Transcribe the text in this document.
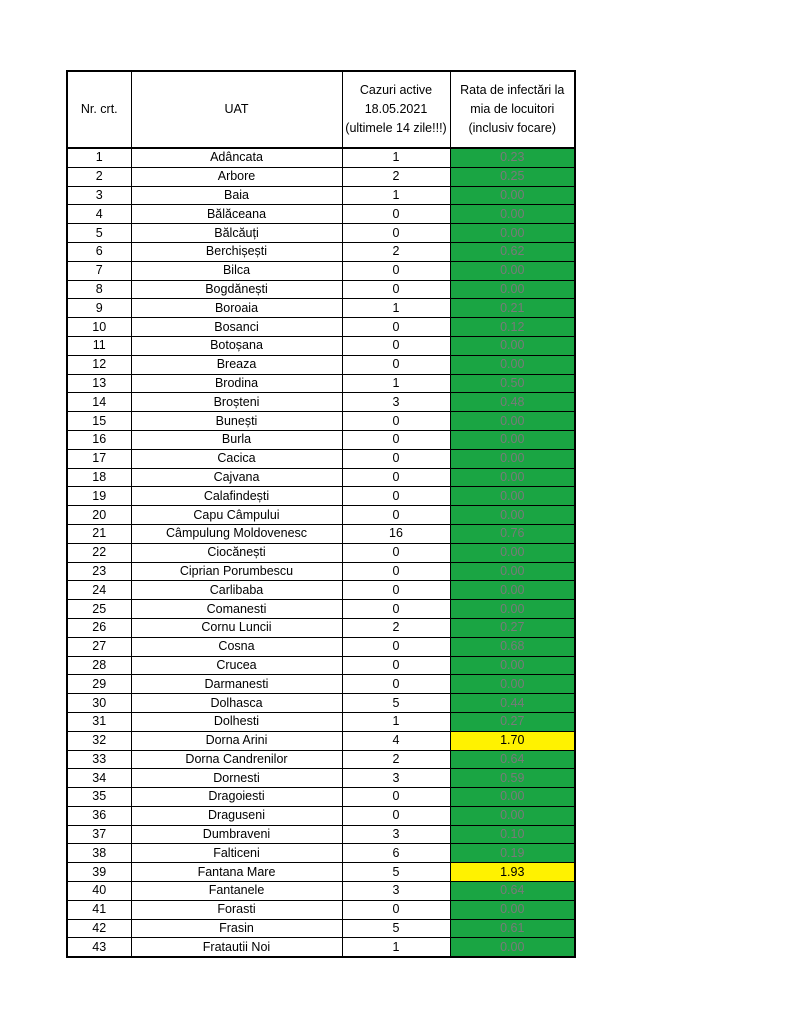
Nr. crt.	UAT	Cazuri active 18.05.2021 (ultimele 14 zile!!!)	Rata de infectări la mia de locuitori (inclusiv focare)
1	Adâncata	1	0.23
2	Arbore	2	0.25
3	Baia	1	0.00
4	Bălăceana	0	0.00
5	Bălcăuți	0	0.00
6	Berchișești	2	0.62
7	Bilca	0	0.00
8	Bogdănești	0	0.00
9	Boroaia	1	0.21
10	Bosanci	0	0.12
11	Botoșana	0	0.00
12	Breaza	0	0.00
13	Brodina	1	0.50
14	Broșteni	3	0.48
15	Bunești	0	0.00
16	Burla	0	0.00
17	Cacica	0	0.00
18	Cajvana	0	0.00
19	Calafindești	0	0.00
20	Capu Câmpului	0	0.00
21	Câmpulung Moldovenesc	16	0.76
22	Ciocănești	0	0.00
23	Ciprian Porumbescu	0	0.00
24	Carlibaba	0	0.00
25	Comanesti	0	0.00
26	Cornu Luncii	2	0.27
27	Cosna	0	0.68
28	Crucea	0	0.00
29	Darmanesti	0	0.00
30	Dolhasca	5	0.44
31	Dolhesti	1	0.27
32	Dorna Arini	4	1.70
33	Dorna Candrenilor	2	0.64
34	Dornesti	3	0.59
35	Dragoiesti	0	0.00
36	Draguseni	0	0.00
37	Dumbraveni	3	0.10
38	Falticeni	6	0.19
39	Fantana Mare	5	1.93
40	Fantanele	3	0.64
41	Forasti	0	0.00
42	Frasin	5	0.61
43	Fratautii Noi	1	0.00
